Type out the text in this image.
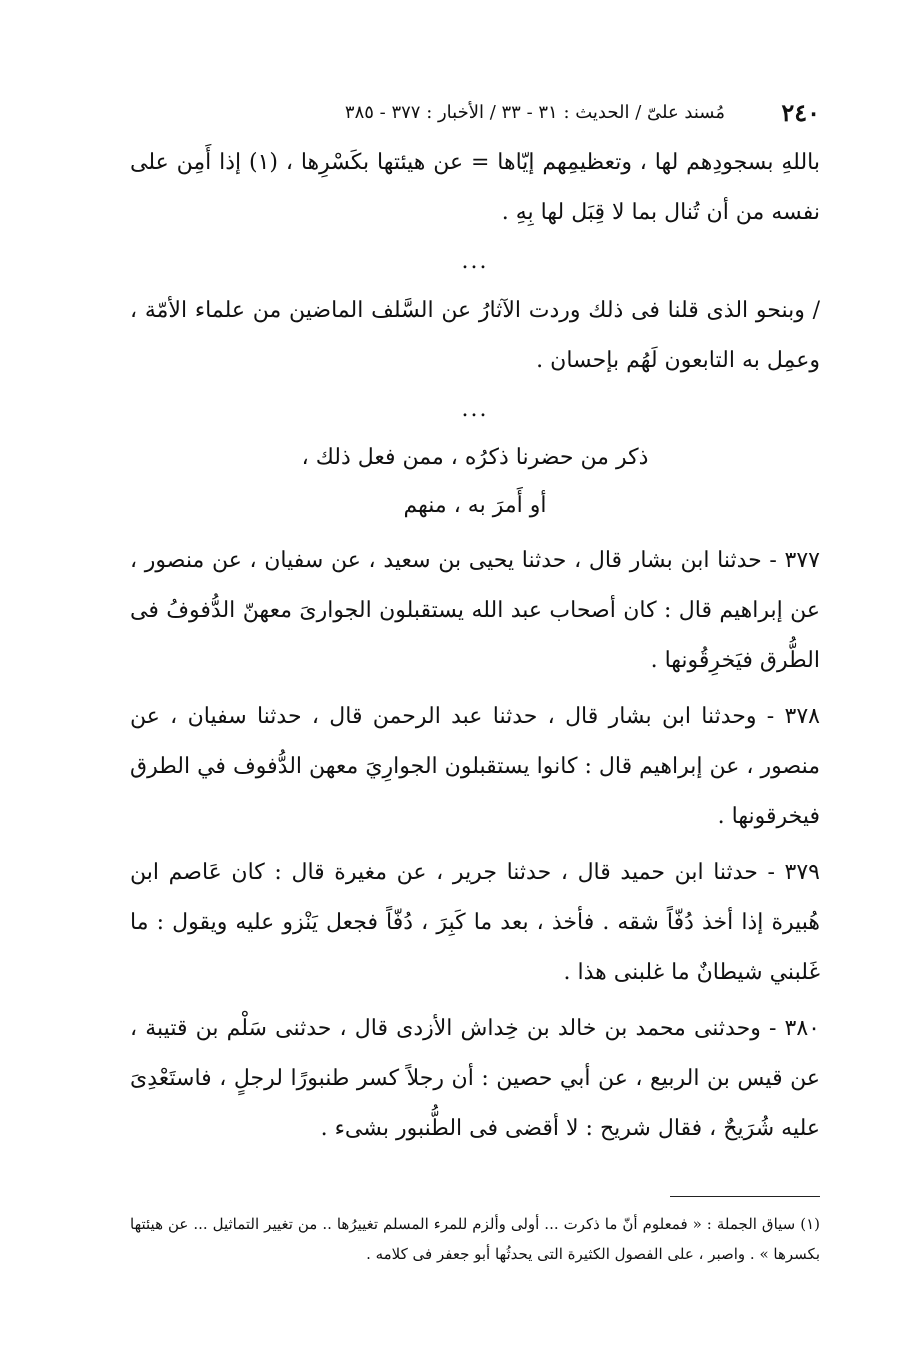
٢٤٠
مُسند علىّ / الحديث : ٣١ - ٣٣ / الأخبار : ٣٧٧ - ٣٨٥

باللهِ بسجودِهم لها ، وتعظيمِهم إيّاها = عن هيئتها بكَسْرِها ، (١) إذا أَمِن على نفسه من أن تُنال بما لا قِبَل لها بِهِ .

...

/ وبنحو الذى قلنا فى ذلك وردت الآثارُ عن السَّلف الماضين من علماء الأمّة ، وعمِل به التابعون لَهُم بإحسان .

...
ذكر من حضرنا ذكرُه ، ممن فعل ذلك ،
أو أَمرَ به ، منهم

٣٧٧ - حدثنا ابن بشار قال ، حدثنا يحيى بن سعيد ، عن سفيان ، عن منصور ، عن إبراهيم قال : كان أصحاب عبد الله يستقبلون الجوارىَ معهنّ الدُّفوفُ فى الطُّرق فيَخرِقُونها .

٣٧٨ - وحدثنا ابن بشار قال ، حدثنا عبد الرحمن قال ، حدثنا سفيان ، عن منصور ، عن إبراهيم قال : كانوا يستقبلون الجوارِيَ معهن الدُّفوف في الطرق فيخرقونها .

٣٧٩ - حدثنا ابن حميد قال ، حدثنا جرير ، عن مغيرة قال : كان عَاصم ابن هُبيرة إذا أخذ دُفّاً شقه . فأخذ ، بعد ما كَبِرَ ، دُفّاً فجعل يَنْزو عليه ويقول : ما غَلبني شيطانٌ ما غلبنى هذا .

٣٨٠ - وحدثنى محمد بن خالد بن خِداش الأزدى قال ، حدثنى سَلْم بن قتيبة ، عن قيس بن الربيع ، عن أبي حصين : أن رجلاً كسر طنبورًا لرجلٍ ، فاستَعْدِىَ عليه شُرَيحٌ ، فقال شريح : لا أقضى فى الطُّنبور بشىء .

(١) سياق الجملة : « فمعلوم أنّ ما ذكرت ... أولى وألزم للمرء المسلم تغييرُها .. من تغيير التماثيل ... عن هيئتها بكسرها » . واصبر ، على الفصول الكثيرة التى يحدثُها أبو جعفر فى كلامه .
